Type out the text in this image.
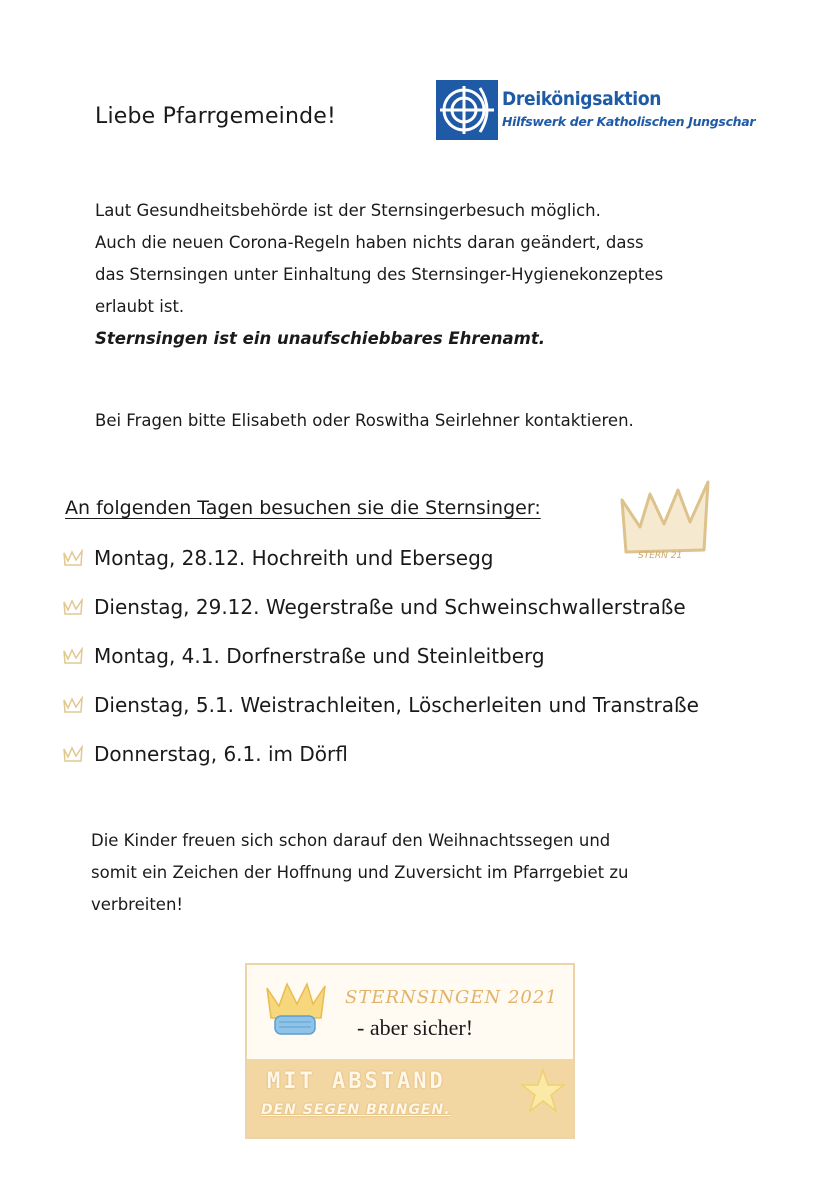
Liebe Pfarrgemeinde!
Dreikönigsaktion
Hilfswerk der Katholischen Jungschar
Laut Gesundheitsbehörde ist der Sternsingerbesuch möglich.
Auch die neuen Corona-Regeln haben nichts daran geändert, dass
das Sternsingen unter Einhaltung des Sternsinger-Hygienekonzeptes
erlaubt ist.
Sternsingen ist ein unaufschiebbares Ehrenamt.
Bei Fragen bitte Elisabeth oder Roswitha Seirlehner kontaktieren.
An folgenden Tagen besuchen sie die Sternsinger:
STERN 21
Montag, 28.12. Hochreith und Ebersegg
Dienstag, 29.12. Wegerstraße und Schweinschwallerstraße
Montag, 4.1. Dorfnerstraße und Steinleitberg
Dienstag, 5.1. Weistrachleiten, Löscherleiten und Transtraße
Donnerstag, 6.1. im Dörfl
Die Kinder freuen sich schon darauf den Weihnachtssegen und
somit ein Zeichen der Hoffnung und Zuversicht im Pfarrgebiet zu
verbreiten!
STERNSINGEN 2021
- aber sicher!
MIT ABSTAND
DEN SEGEN BRINGEN.
